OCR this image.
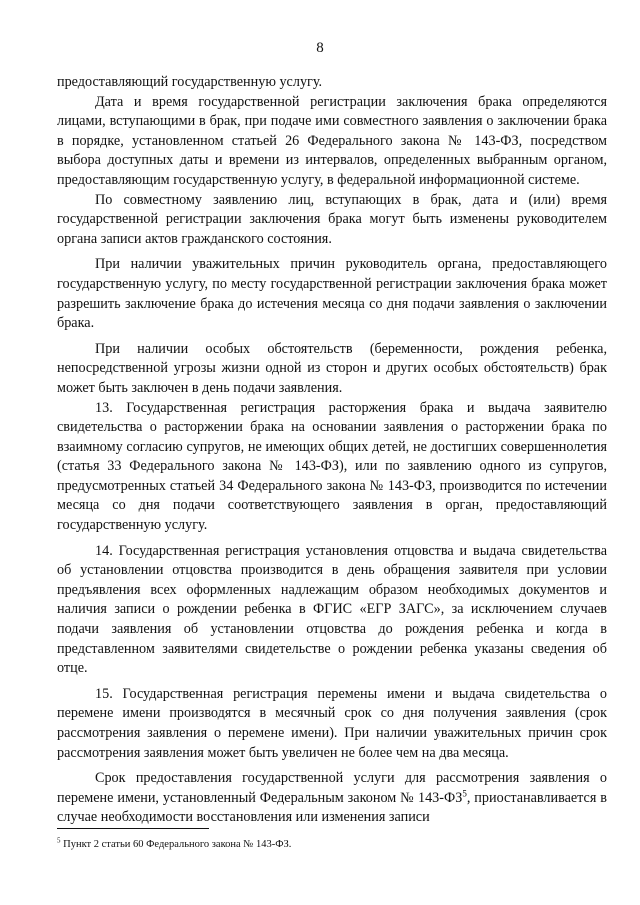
8

предоставляющий государственную услугу.

Дата и время государственной регистрации заключения брака определяются лицами, вступающими в брак, при подаче ими совместного заявления о заключении брака в порядке, установленном статьей 26 Федерального закона № 143-ФЗ, посредством выбора доступных даты и времени из интервалов, определенных выбранным органом, предоставляющим государственную услугу, в федеральной информационной системе.

По совместному заявлению лиц, вступающих в брак, дата и (или) время государственной регистрации заключения брака могут быть изменены руководителем органа записи актов гражданского состояния.

При наличии уважительных причин руководитель органа, предоставляющего государственную услугу, по месту государственной регистрации заключения брака может разрешить заключение брака до истечения месяца со дня подачи заявления о заключении брака.

При наличии особых обстоятельств (беременности, рождения ребенка, непосредственной угрозы жизни одной из сторон и других особых обстоятельств) брак может быть заключен в день подачи заявления.

13. Государственная регистрация расторжения брака и выдача заявителю свидетельства о расторжении брака на основании заявления о расторжении брака по взаимному согласию супругов, не имеющих общих детей, не достигших совершеннолетия (статья 33 Федерального закона № 143-ФЗ), или по заявлению одного из супругов, предусмотренных статьей 34 Федерального закона № 143-ФЗ, производится по истечении месяца со дня подачи соответствующего заявления в орган, предоставляющий государственную услугу.

14. Государственная регистрация установления отцовства и выдача свидетельства об установлении отцовства производится в день обращения заявителя при условии предъявления всех оформленных надлежащим образом необходимых документов и наличия записи о рождении ребенка в ФГИС «ЕГР ЗАГС», за исключением случаев подачи заявления об установлении отцовства до рождения ребенка и когда в представленном заявителями свидетельстве о рождении ребенка указаны сведения об отце.

15. Государственная регистрация перемены имени и выдача свидетельства о перемене имени производятся в месячный срок со дня получения заявления (срок рассмотрения заявления о перемене имени). При наличии уважительных причин срок рассмотрения заявления может быть увеличен не более чем на два месяца.

Срок предоставления государственной услуги для рассмотрения заявления о перемене имени, установленный Федеральным законом № $143-ФЗ^5$, приостанавливается в случае необходимости восстановления или изменения записи

$^5$ Пункт 2 статьи 60 Федерального закона № 143-ФЗ.
